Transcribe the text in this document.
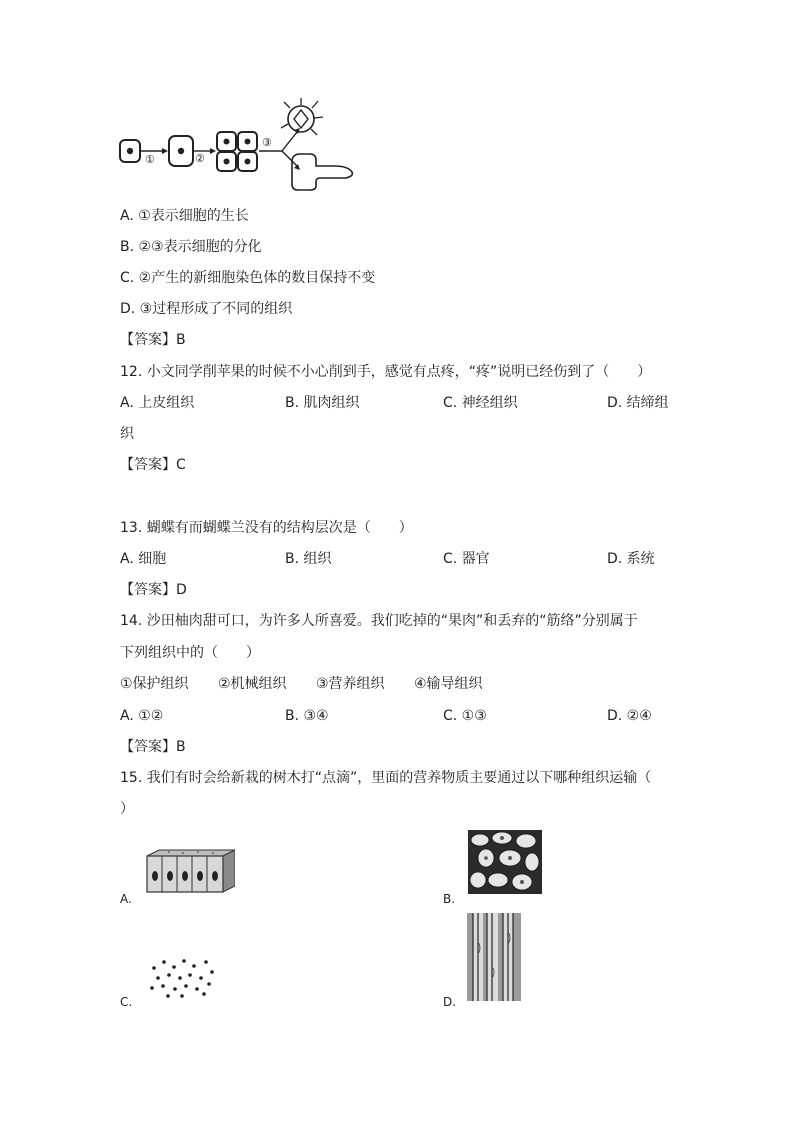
①	②
③
A. ①表示细胞的生长
B. ②③表示细胞的分化
C. ②产生的新细胞染色体的数目保持不变
D. ③过程形成了不同的组织
【答案】B
12. 小文同学削苹果的时候不小心削到手，感觉有点疼，“疼”说明已经伤到了（　　）
A. 上皮组织	B. 肌肉组织	C. 神经组织	D. 结缔组
织
【答案】C
13. 蝴蝶有而蝴蝶兰没有的结构层次是（　　）
A. 细胞	B. 组织	C. 器官	D. 系统
【答案】D
14. 沙田柚肉甜可口，为许多人所喜爱。我们吃掉的“果肉”和丢弃的“筋络”分别属于
下列组织中的（　　）
①保护组织 ②机械组织 ③营养组织 ④输导组织
A. ①②	B. ③④	C. ①③	D. ②④
【答案】B
15. 我们有时会给新栽的树木打“点滴”，里面的营养物质主要通过以下哪种组织运输（
）
A.	B.
C.	D.
